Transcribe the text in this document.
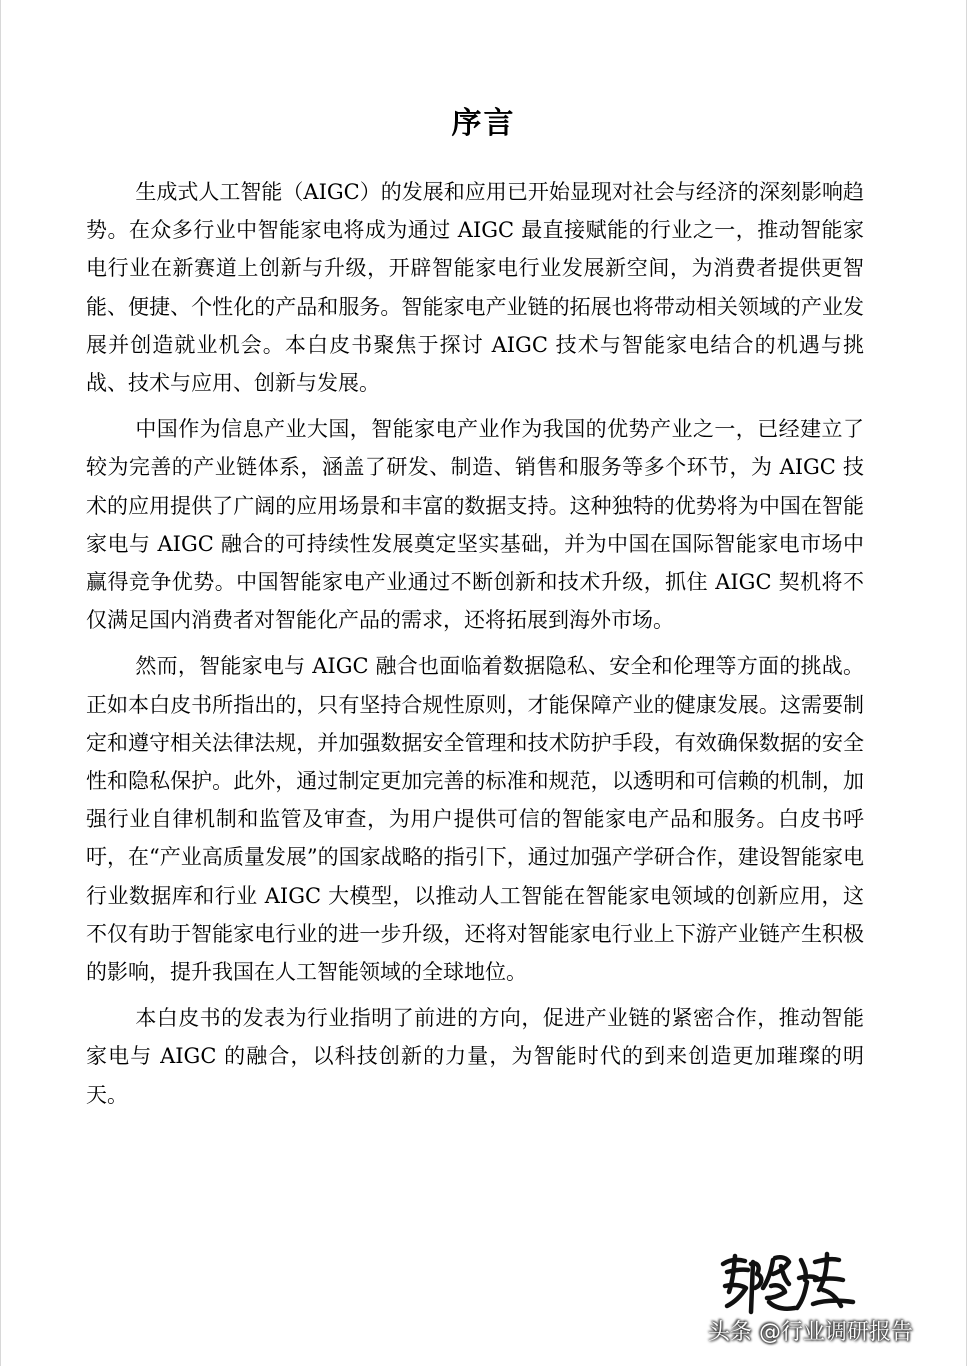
序言

生成式人工智能（AIGC）的发展和应用已开始显现对社会与经济的深刻影响趋势。在众多行业中智能家电将成为通过 AIGC 最直接赋能的行业之一，推动智能家电行业在新赛道上创新与升级，开辟智能家电行业发展新空间，为消费者提供更智能、便捷、个性化的产品和服务。智能家电产业链的拓展也将带动相关领域的产业发展并创造就业机会。本白皮书聚焦于探讨 AIGC 技术与智能家电结合的机遇与挑战、技术与应用、创新与发展。

中国作为信息产业大国，智能家电产业作为我国的优势产业之一，已经建立了较为完善的产业链体系，涵盖了研发、制造、销售和服务等多个环节，为 AIGC 技术的应用提供了广阔的应用场景和丰富的数据支持。这种独特的优势将为中国在智能家电与 AIGC 融合的可持续性发展奠定坚实基础，并为中国在国际智能家电市场中赢得竞争优势。中国智能家电产业通过不断创新和技术升级，抓住 AIGC 契机将不仅满足国内消费者对智能化产品的需求，还将拓展到海外市场。

然而，智能家电与 AIGC 融合也面临着数据隐私、安全和伦理等方面的挑战。正如本白皮书所指出的，只有坚持合规性原则，才能保障产业的健康发展。这需要制定和遵守相关法律法规，并加强数据安全管理和技术防护手段，有效确保数据的安全性和隐私保护。此外，通过制定更加完善的标准和规范，以透明和可信赖的机制，加强行业自律机制和监管及审查，为用户提供可信的智能家电产品和服务。白皮书呼吁，在“产业高质量发展”的国家战略的指引下，通过加强产学研合作，建设智能家电行业数据库和行业 AIGC 大模型，以推动人工智能在智能家电领域的创新应用，这不仅有助于智能家电行业的进一步升级，还将对智能家电行业上下游产业链产生积极的影响，提升我国在人工智能领域的全球地位。

本白皮书的发表为行业指明了前进的方向，促进产业链的紧密合作，推动智能家电与 AIGC 的融合，以科技创新的力量，为智能时代的到来创造更加璀璨的明天。

头条 @行业调研报告
